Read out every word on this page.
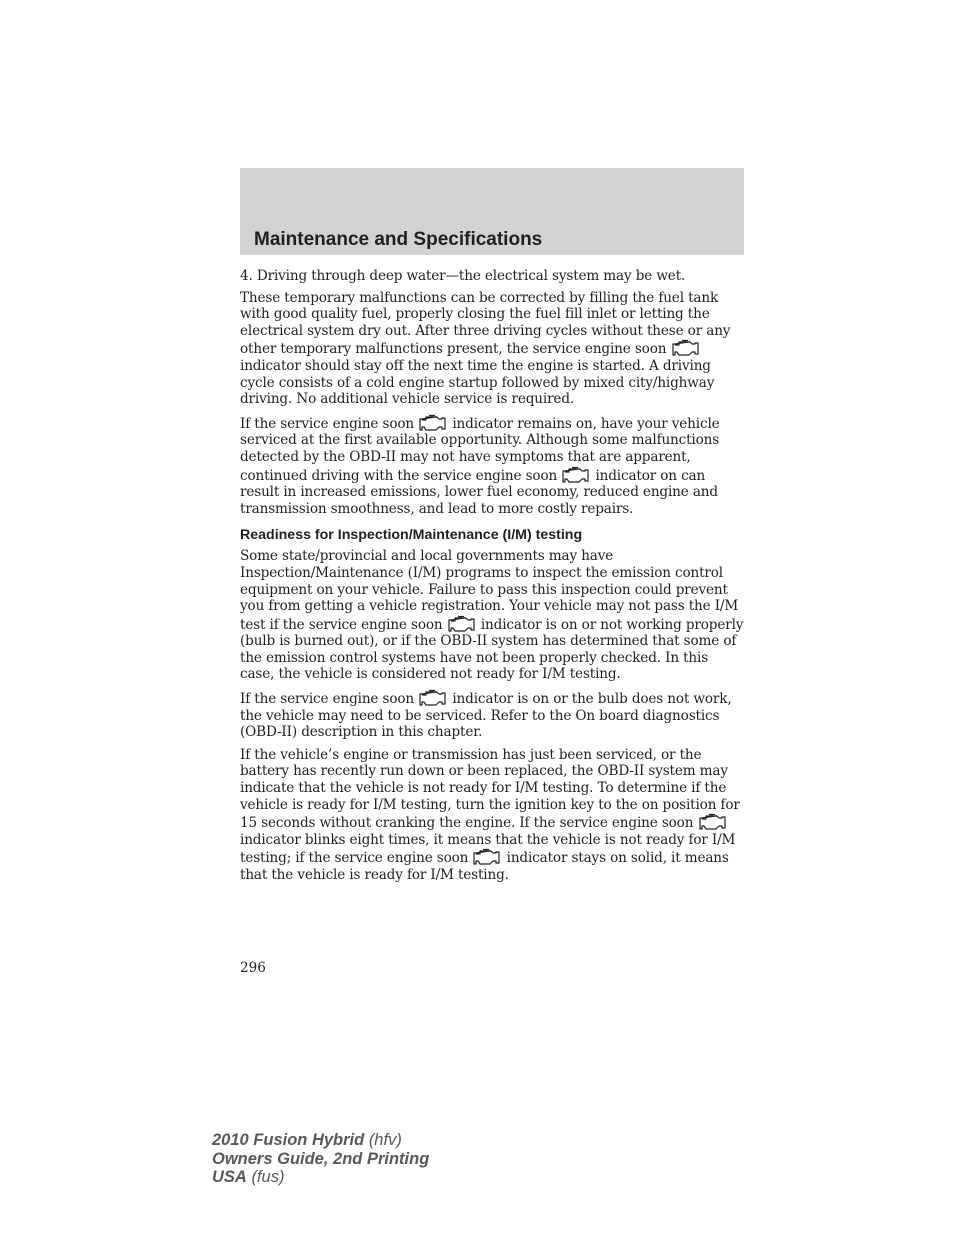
Maintenance and Specifications

4. Driving through deep water—the electrical system may be wet.

These temporary malfunctions can be corrected by filling the fuel tank with good quality fuel, properly closing the fuel fill inlet or letting the electrical system dry out. After three driving cycles without these or any other temporary malfunctions present, the service engine soon
indicator should stay off the next time the engine is started. A driving cycle consists of a cold engine startup followed by mixed city/highway driving. No additional vehicle service is required.

If the service engine soon	indicator remains on, have your vehicle serviced at the first available opportunity. Although some malfunctions detected by the OBD-II may not have symptoms that are apparent, continued driving with the service engine soon	indicator on can result in increased emissions, lower fuel economy, reduced engine and transmission smoothness, and lead to more costly repairs.

Readiness for Inspection/Maintenance (I/M) testing

Some state/provincial and local governments may have Inspection/Maintenance (I/M) programs to inspect the emission control equipment on your vehicle. Failure to pass this inspection could prevent you from getting a vehicle registration. Your vehicle may not pass the I/M test if the service engine soon	indicator is on or not working properly (bulb is burned out), or if the OBD-II system has determined that some of the emission control systems have not been properly checked. In this case, the vehicle is considered not ready for I/M testing.

If the service engine soon	indicator is on or the bulb does not work, the vehicle may need to be serviced. Refer to the On board diagnostics (OBD-II) description in this chapter.

If the vehicle’s engine or transmission has just been serviced, or the battery has recently run down or been replaced, the OBD-II system may indicate that the vehicle is not ready for I/M testing. To determine if the vehicle is ready for I/M testing, turn the ignition key to the on position for 15 seconds without cranking the engine. If the service engine soon
indicator blinks eight times, it means that the vehicle is not ready for I/M testing; if the service engine soon	indicator stays on solid, it means that the vehicle is ready for I/M testing.

296
2010 Fusion Hybrid (hfv)
Owners Guide, 2nd Printing
USA (fus)
